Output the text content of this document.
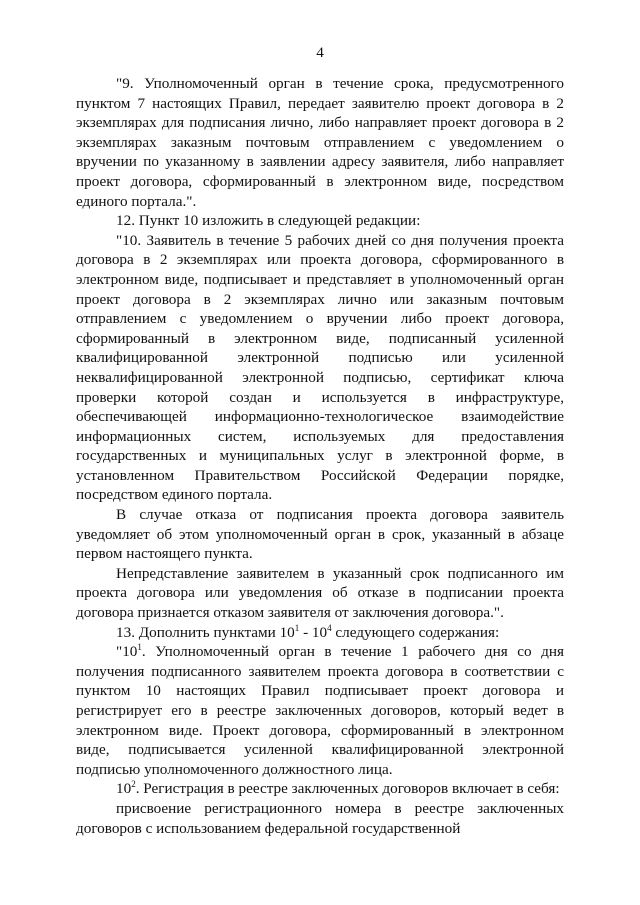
4

"9. Уполномоченный орган в течение срока, предусмотренного пунктом 7 настоящих Правил, передает заявителю проект договора в 2 экземплярах для подписания лично, либо направляет проект договора в 2 экземплярах заказным почтовым отправлением с уведомлением о вручении по указанному в заявлении адресу заявителя, либо направляет проект договора, сформированный в электронном виде, посредством единого портала.".

12. Пункт 10 изложить в следующей редакции:

"10. Заявитель в течение 5 рабочих дней со дня получения проекта договора в 2 экземплярах или проекта договора, сформированного в электронном виде, подписывает и представляет в уполномоченный орган проект договора в 2 экземплярах лично или заказным почтовым отправлением с уведомлением о вручении либо проект договора, сформированный в электронном виде, подписанный усиленной квалифицированной электронной подписью или усиленной неквалифицированной электронной подписью, сертификат ключа проверки которой создан и используется в инфраструктуре, обеспечивающей информационно-технологическое взаимодействие информационных систем, используемых для предоставления государственных и муниципальных услуг в электронной форме, в установленном Правительством Российской Федерации порядке, посредством единого портала.

В случае отказа от подписания проекта договора заявитель уведомляет об этом уполномоченный орган в срок, указанный в абзаце первом настоящего пункта.

Непредставление заявителем в указанный срок подписанного им проекта договора или уведомления об отказе в подписании проекта договора признается отказом заявителя от заключения договора.".

13. Дополнить пунктами $10^1 - 10^4$ следующего содержания:

"$10^1$. Уполномоченный орган в течение 1 рабочего дня со дня получения подписанного заявителем проекта договора в соответствии с пунктом 10 настоящих Правил подписывает проект договора и регистрирует его в реестре заключенных договоров, который ведет в электронном виде. Проект договора, сформированный в электронном виде, подписывается усиленной квалифицированной электронной подписью уполномоченного должностного лица.

$10^2$. Регистрация в реестре заключенных договоров включает в себя:

присвоение регистрационного номера в реестре заключенных договоров с использованием федеральной государственной
